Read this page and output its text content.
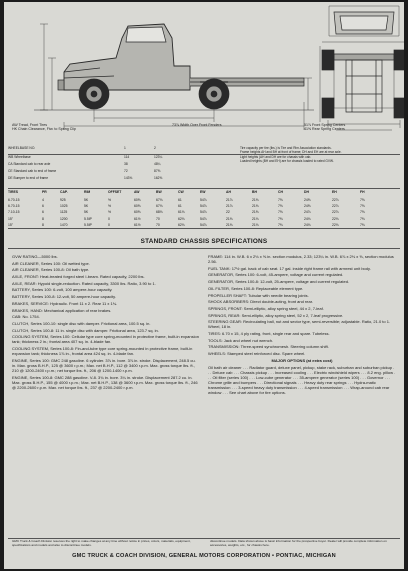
AW Tread, Front Tires
HK Chain Clearance, Ftw. to Spring Clip
73⅞ Width Over Front Fenders	51⅞ Front Spring Centers
41⅝ Rear Spring Centers
WHEELBASE NO.	1	2
WB Wheelbase	114	123¼
CA Standard cab to rear axle	38	48¼
CE Standard cab to end of frame	72	87⅝
DE Bumper to end of frame	143⅜	162⅝
Tire capacity per tire (lbs.) is Tire and Rim Association standards.
Frame heights AH and BH at front of frame; DH and EH are at rear axle.
Light heights (AH and DH are for chassis with cab.
Loaded heights (BH and EH) are for chassis loaded to rated GVW.
TIRES	PR	CAP.	RIM	OFFSET	AW	BW	CW	EW	AH	BH	CH	DH	EH	FH
6.70-15	4	925	5K	%	60⅝	67⅛	61	54⅞	21⅞	21⅜	7⅝	24⅝	22⅞	7⅝
6.70-15	6	1025	5K	%	60⅝	67⅛	61	54⅞	21⅞	21⅜	7⅝	24⅝	22⅞	7⅝
7.10-15	6	1125	5K	%	60⅝	68⅛	61⅛	54⅞	22	21⅝	7⅝	24⅞	22⅞	7⅝
15"	8	1200	5.5IP	0	61½	70	62⅛	54⅞	21⅜	21⅛	7⅜	24⅛	22⅛	7⅜
15"	8	1470	5.5IP	0	61½	70	62⅛	54⅞	21⅜	21⅛	7⅜	24⅛	22⅛	7⅜
STANDARD CHASSIS SPECIFICATIONS

GVW RATING—5000 lbs.

AIR CLEANER, Series 100: Oil wetted type.

AIR CLEANER, Series 100-8: Oil bath type.

AXLE, FRONT: Heat-treated forged steel I-beam. Rated capacity, 2200 lbs.

AXLE, REAR: Hypoid single-reduction. Rated capacity, 3300 lbs. Ratio, 3.90 to 1.

BATTERY, Series 100: 6-volt, 100 ampere-hour capacity.

BATTERY, Series 100-8: 12-volt, 50 ampere-hour capacity.

BRAKES, SERVICE: Hydraulic. Front 11 x 2. Rear 11 x 1¾.

BRAKES, HAND: Mechanical application of rear brakes.

CAB: No. 1754.

CLUTCH, Series 100-10: single disc with damper. Frictional area, 100.5 sq. in.

CLUTCH, Series 100-8: 11 in. single disc with damper. Frictional area, 123.7 sq. in.

COOLING SYSTEM, Series 100: Cellular type core spring-mounted in protective frame, built-in expansion tank; thickness 2 in.; frontal area 407 sq. in. 4-blade fan.

COOLING SYSTEM, Series 100-8: Fin-and-tube type core spring-mounted in protective frame, built-in expansion tank; thickness 1⅞ in., frontal area 424 sq. in. 4-blade fan.

ENGINE, Series 100: GMC 248 gasoline. 6 cylinder. 3⅞ in. bore. 3⅞ in. stroke. Displacement, 248.5 cu. in. Max. gross B.H.P., 125 @ 3600 r.p.m.; Max. net B.H.P., 112 @ 3400 r.p.m. Max. gross torque lbs. ft., 210 @ 1200-2400 r.p.m.; net torque lbs. ft., 206 @ 1200-1400 r.p.m.

ENGINE, Series 100-8: GMC 288 gasoline. V-8. 3¾ in. bore. 3¼ in. stroke. Displacement 287.2 cu. in. Max. gross B.H.P., 155 @ 4000 r.p.m.; Max. net B.H.P., 138 @ 3600 r.p.m. Max. gross torque lbs. ft., 246 @ 2200-2600 r.p.m. Max. net torque lbs. ft., 237 @ 2200-2400 r.p.m.

FRAME: 114 in. W.B. 6 x 2⅛ x ⅝ in. section modulus, 2.33; 123¼ in. W.B. 6⅞ x 2⅛ x ⅝, section modulus 2.56.

FUEL TANK: 17½ gal. back of cab seat. 17 gal. inside right frame rail with armrest unit body.

GENERATOR, Series 100: 6-volt, 45-ampere, voltage and current regulated.

GENERATOR, Series 100-8: 12-volt, 25-ampere, voltage and current regulated.

OIL FILTER, Series 100-8: Replaceable element type.

PROPELLER SHAFT: Tubular with needle bearing joints.

SHOCK ABSORBERS: Direct double-acting, front and rear.

SPRINGS, FRONT: Semi-elliptic, alloy spring steel, 44 x 2, 7-leaf.

SPRINGS, REAR: Semi-elliptic, alloy spring steel, 52 x 2, 7-leaf progressive.

STEERING GEAR: Recirculating ball, nut and sector type, semi-reversible; adjustable. Ratio, 21.0 to 1. Wheel, 18 in.

TIRES: 6.70 x 15, 4 ply rating, front, single rear and spare. Tubeless.

TOOLS: Jack and wheel nut wrench.

TRANSMISSION: Three-speed synchromesh. Steering column shift.

WHEELS: Stamped steel reinforced disc. Spare wheel.

MAJOR OPTIONS (at extra cost)

Oil bath air cleaner . . . Radiator guard, deluxe panel, pickup, stake rack, suburban and suburban pickup . . . Deluxe cab . . . Chassis pickup . . . Increased cooling . . . Electric windshield wipers . . . 8.2 eng. pillow . . . Oil filter (series 100) . . . Low-cube generator . . . 35-ampere generator (series 100) . . . Governor . . . Chrome grille and bumpers . . . Directional signals . . . Heavy duty rear springs . . . Hydra-matic transmission . . . 3-speed heavy duty transmission . . . 4-speed transmission . . . Wrap-around cab rear window . . . See chart above for tire options.

GMC Truck & Coach Division reserves the right to make changes at any time without notice in prices, colors, materials, equipment, specifications and models and also to discontinue models.
discontinue models. Data shown above is basic information for the prospective buyer. Dealer will provide complete information on accessories, weights, etc., for chassis here.
GMC TRUCK & COACH DIVISION, GENERAL MOTORS CORPORATION • PONTIAC, MICHIGAN
